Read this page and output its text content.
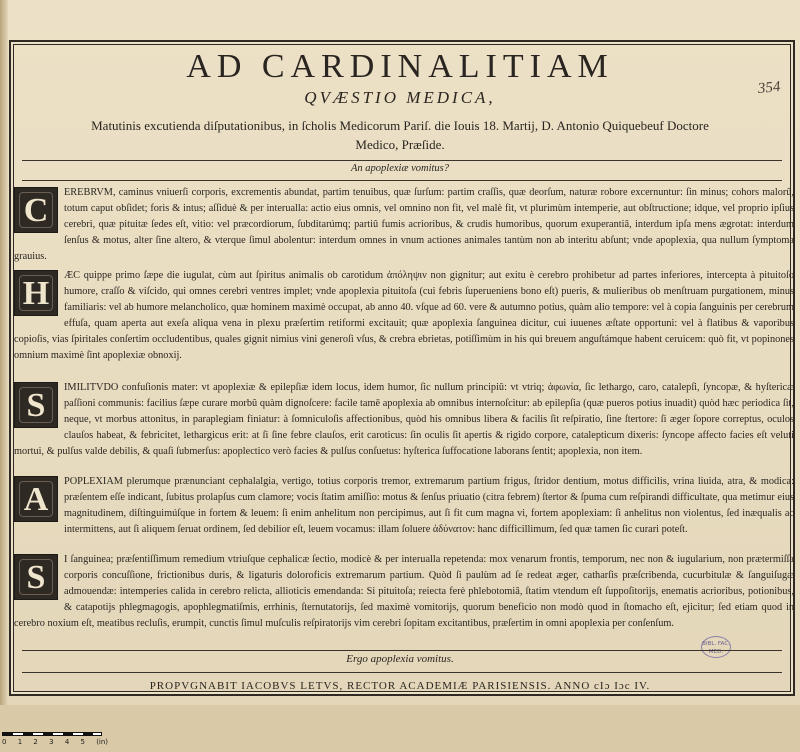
354
AD CARDINALITIAM
QVÆSTIO MEDICA,
Matutinis excutienda diſputationibus, in ſcholis Medicorum Pariſ. die Iouis 18. Martij, D. Antonio Quiquebeuf Doctore Medico, Præſide.
An apoplexiæ vomitus?
C	EREBRVM, caminus vniuerſi corporis, excrementis abundat, partim tenuibus, quæ ſurſum: partim craſſis, quæ deorſum, naturæ robore excernuntur: ſin minus; cohors malorû, totum caput obſidet; foris & intus; aſſiduè & per interualla: actio eius omnis, vel omnino non fit, vel malè fit, vt plurimùm intemperie, aut obſtructione; idque, vel proprio ipſius cerebri, quæ pituitæ ſedes eſt, vitio: vel præcordiorum, ſubditarúmq; partiû fumis acrioribus, & crudis humoribus, quorum exuperantiâ, interdum ipſa mens ægrotat: interdum ſenſus & motus, alter ſine altero, & vterque ſimul abolentur: interdum omnes in vnum actiones animales tantùm non ab interitu abſunt; vnde apoplexia, qua nullum ſymptoma grauius.

H	ÆC quippe primo ſæpe die iugulat, cùm aut ſpiritus animalis ob carotidum ἀπόληψιν non gignitur; aut exitu è cerebro prohibetur ad partes inferiores, intercepta à pituitoſo humore, craſſo & viſcido, qui omnes cerebri ventres implet; vnde apoplexia pituitoſa (cui febris ſuperueniens bono eſt) pueris, & mulieribus ob menſtruam purgationem, minus familiaris: vel ab humore melancholico, quæ hominem maximè occupat, ab anno 40. vſque ad 60. vere & autumno potius, quàm alio tempore: vel à copia ſanguinis per cerebrum effuſa, quam aperta aut exeſa aliqua vena in plexu præſertim retiformi excitauit; quæ apoplexia ſanguinea dicitur, cui iuuenes æſtate opportuni: vel à flatibus & vaporibus copioſis, vias ſpiritales conſertim occludentibus, quales gignit nimius vini generoſi vſus, & crebra ebrietas, potiſſimùm in his qui breuem anguſtámque habent ceruicem: quò fit, vt popinones omnium maximè ſint apoplexiæ obnoxij.

S	IMILITVDO confuſionis mater: vt apoplexiæ & epilepſiæ idem locus, idem humor, ſic nullum principiû: vt vtriq; ἀφωνία, ſic lethargo, caro, catalepſi, ſyncopæ, & hyſtericæ paſſioni communis: facilius ſæpe curare morbû quàm dignoſcere: facile tamē apoplexia ab omnibus internoſcitur: ab epilepſia (quæ pueros potius inuadit) quòd hæc periodica ſit, neque, vt morbus attonitus, in paraplegiam finiatur: à ſomniculoſis affectionibus, quòd his omnibus libera & facilis ſit reſpiratio, ſine ſtertore: ſi æger ſopore correptus, oculos clauſos habeat, & febricitet, lethargicus erit: at ſi ſine febre clauſos, erit caroticus: ſin oculis ſit apertis & rigido corpore, catalepticum dixeris: ſyncope affecto facies eſt veluti mortui, & pulſus valde debilis, & quaſi ſubmerſus: apoplectico verò facies & pulſus conſuetus: hyſterica ſuffocatione laborans ſentit; apoplexia, non item.

A	POPLEXIAM plerumque prænunciant cephalalgia, vertigo, totius corporis tremor, extremarum partium frigus, ſtridor dentium, motus difficilis, vrina liuida, atra, & modica: præſentem eſſe indicant, ſubitus prolapſus cum clamore; vocis ſtatim amiſſio: motus & ſenſus priuatio (citra febrem) ſtertor & ſpuma cum reſpirandi difficultate, qua metimur eius magnitudinem, diſtinguimúſque in fortem & leuem: ſi enim anhelitum non percipimus, aut ſi fit cum magna vi, fortem apoplexiam: ſi anhelitus non violentus, ſed inæqualis ac intermittens, aut ſi aliquem ſeruat ordinem, ſed debilior eſt, leuem vocamus: illam ſoluere ἀδύνατον: hanc difficillimum, ſed quæ tamen ſic curari poteſt.

S	I ſanguinea; præſentiſſimum remedium vtriuſque cephalicæ ſectio, modicè & per interualla repetenda: mox venarum frontis, temporum, nec non & iugularium, non prætermiſſa corporis concuſſione, frictionibus duris, & ligaturis doloroficis extremarum partium. Quòd ſi paulùm ad ſe redeat æger, catharſis præſcribenda, cucurbitulæ & ſanguiſugæ admouendæ: intemperies calida in cerebro relicta, allioticis emendanda: Si pituitoſa; reiecta ferè phlebotomiâ, ſtatim vtendum eſt ſuppoſitorijs, enematis acrioribus, potionibus, & catapotijs phlegmagogis, apophlegmatiſmis, errhinis, ſternutatorijs, ſed maximè vomitorijs, quorum beneficio non modò quod in ſtomacho eſt, ejicitur; ſed etiam quod in cerebro noxium eſt, meatibus recluſis, erumpit, cunctis ſimul muſculis reſpiratorijs vim cerebri ſopitam excitantibus, præſertim in omni apoplexia per conſenſum.

BIBL. FAC. MED.
Ergo apoplexia vomitus.
PROPVGNABIT IACOBVS LETVS, RECTOR ACADEMIÆ PARISIENSIS. ANNO cIɔ Iɔc IV.
0 1 2 3 4 5 (in)
